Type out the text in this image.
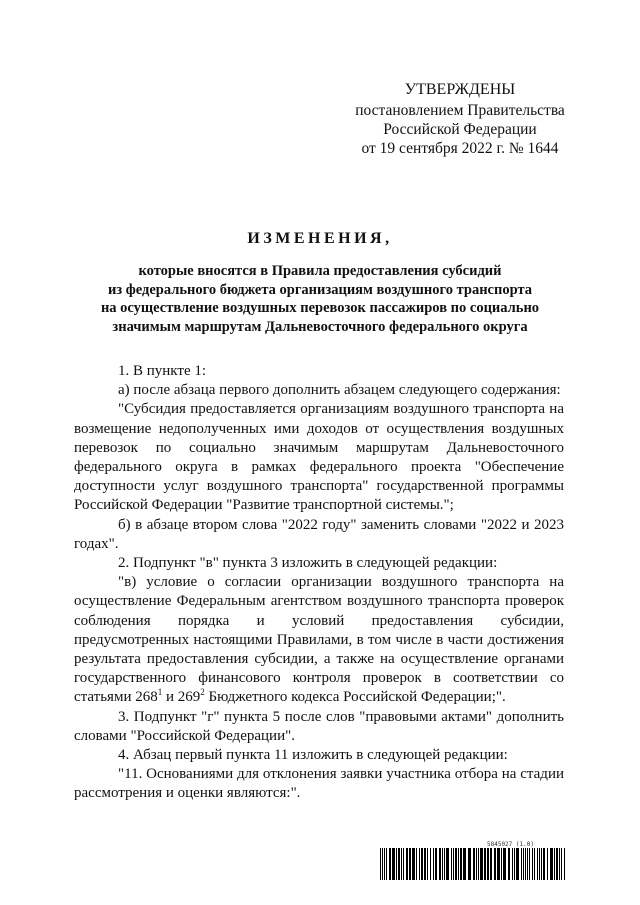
УТВЕРЖДЕНЫ
постановлением Правительства
Российской Федерации
от 19 сентября 2022 г. № 1644
ИЗМЕНЕНИЯ,
которые вносятся в Правила предоставления субсидий
из федерального бюджета организациям воздушного транспорта
на осуществление воздушных перевозок пассажиров по социально
значимым маршрутам Дальневосточного федерального округа

1. В пункте 1:

а) после абзаца первого дополнить абзацем следующего содержания:

"Субсидия предоставляется организациям воздушного транспорта на возмещение недополученных ими доходов от осуществления воздушных перевозок по социально значимым маршрутам Дальневосточного федерального округа в рамках федерального проекта "Обеспечение доступности услуг воздушного транспорта" государственной программы Российской Федерации "Развитие транспортной системы.";

б) в абзаце втором слова "2022 году" заменить словами "2022 и 2023 годах".

2. Подпункт "в" пункта 3 изложить в следующей редакции:

"в) условие о согласии организации воздушного транспорта на осуществление Федеральным агентством воздушного транспорта проверок соблюдения порядка и условий предоставления субсидии, предусмотренных настоящими Правилами, в том числе в части достижения результата предоставления субсидии, а также на осуществление органами государственного финансового контроля проверок в соответствии со статьями $268^1$ и $269^2$ Бюджетного кодекса Российской Федерации;".

3. Подпункт "г" пункта 5 после слов "правовыми актами" дополнить словами "Российской Федерации".

4. Абзац первый пункта 11 изложить в следующей редакции:

"11. Основаниями для отклонения заявки участника отбора на стадии рассмотрения и оценки являются:".

5845027 (1.0)
